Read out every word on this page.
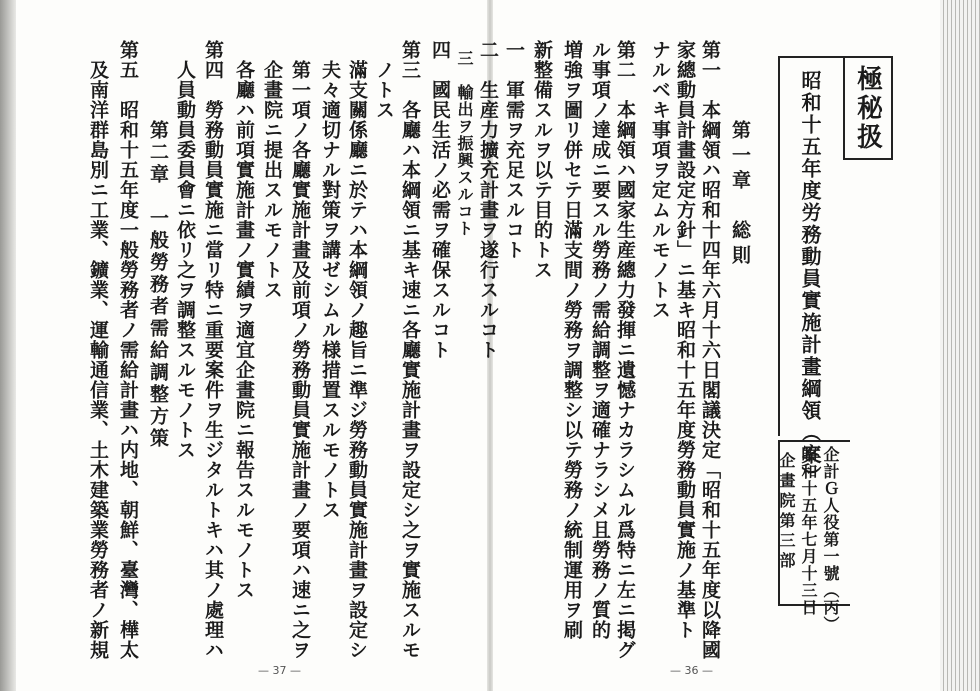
極秘扱
昭和十五年度労務動員實施計畫綱領（案）
企計Ｇ人役第一號（丙）
昭和十五年七月十三日
企畫院第三部
第一章　総則
第一　本綱領ハ昭和十四年六月十六日閣議決定「昭和十五年度以降國
家總動員計畫設定方針」ニ基キ昭和十五年度勞務動員實施ノ基準ト
ナルベキ事項ヲ定ムルモノトス
第二　本綱領ハ國家生産總力發揮ニ遺憾ナカラシムル爲特ニ左ニ掲グ
ル事項ノ達成ニ要スル勞務ノ需給調整ヲ適確ナラシメ且勞務ノ質的
増強ヲ圖リ併セテ日滿支間ノ勞務ヲ調整シ以テ勞務ノ統制運用ヲ刷
新整備スルヲ以テ目的トス
一　軍需ヲ充足スルコト
二　生産力擴充計畫ヲ遂行スルコト
三　輸出ヲ振興スルコト
四　國民生活ノ必需ヲ確保スルコト
第三　各廳ハ本綱領ニ基キ速ニ各廳實施計畫ヲ設定シ之ヲ實施スルモ
ノトス
滿支關係廳ニ於テハ本綱領ノ趣旨ニ準ジ勞務動員實施計畫ヲ設定シ
夫々適切ナル對策ヲ講ゼシムル様措置スルモノトス
第一項ノ各廳實施計畫及前項ノ勞務動員實施計畫ノ要項ハ速ニ之ヲ
企畫院ニ提出スルモノトス
各廳ハ前項實施計畫ノ實績ヲ適宜企畫院ニ報告スルモノトス
第四　勞務動員實施ニ當リ特ニ重要案件ヲ生ジタルトキハ其ノ處理ハ
人員動員委員會ニ依リ之ヲ調整スルモノトス
第二章　一般勞務者需給調整方策
第五　昭和十五年度一般勞務者ノ需給計畫ハ内地、朝鮮、臺灣、樺太
及南洋群島別ニ工業、鑛業、運輸通信業、土木建築業勞務者ノ新規
— 37 —	— 36 —
